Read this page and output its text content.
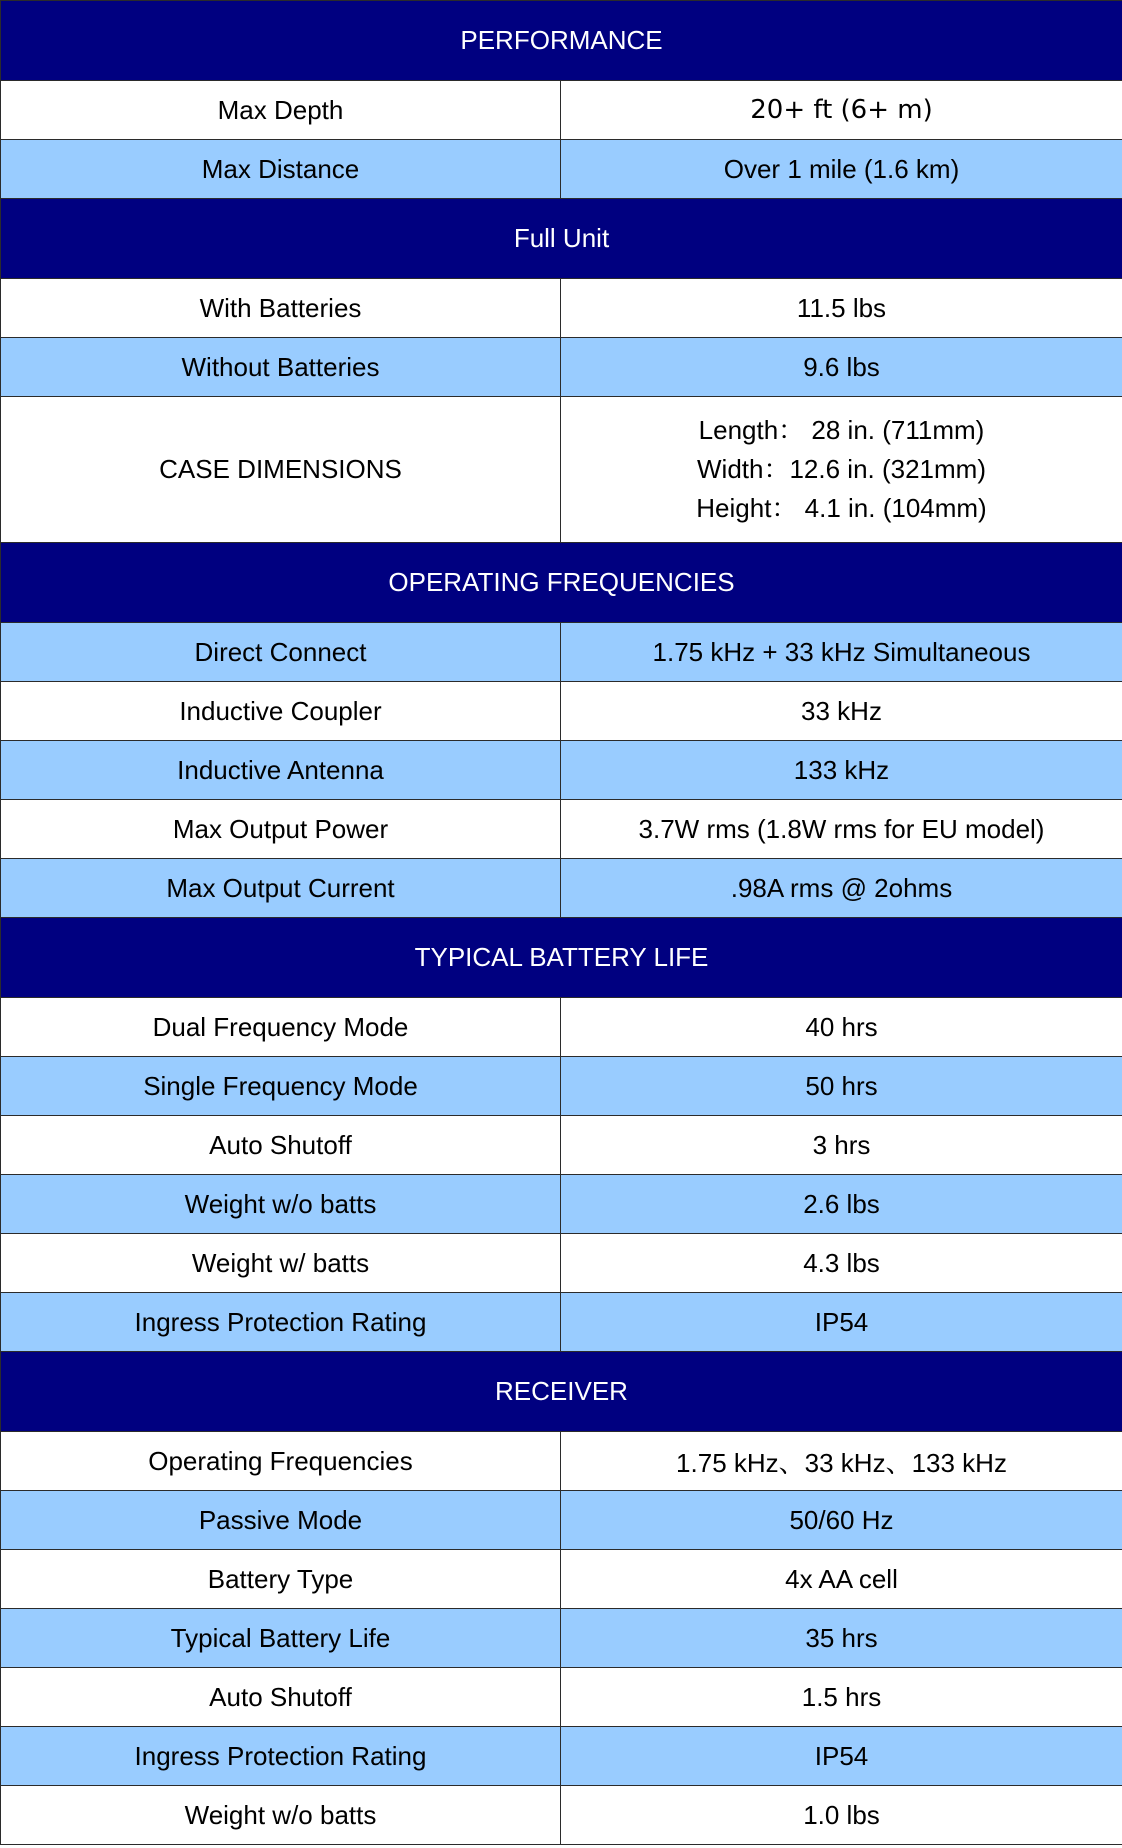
PERFORMANCE	
Max Depth	20+ ft (6+ m)
Max Distance	Over 1 mile (1.6 km)
Full Unit	
With Batteries	11.5 lbs
Without Batteries	9.6 lbs
CASE DIMENSIONS	Length： 28 in. (711mm)
Width：12.6 in. (321mm)
Height： 4.1 in. (104mm)

OPERATING FREQUENCIES	
Direct Connect	1.75 kHz + 33 kHz Simultaneous
Inductive Coupler	33 kHz
Inductive Antenna	133 kHz
Max Output Power	3.7W rms (1.8W rms for EU model)
Max Output Current	.98A rms @ 2ohms
TYPICAL BATTERY LIFE	
Dual Frequency Mode	40 hrs
Single Frequency Mode	50 hrs
Auto Shutoff	3 hrs
Weight w/o batts	2.6 lbs
Weight w/ batts	4.3 lbs
Ingress Protection Rating	IP54
RECEIVER	
Operating Frequencies	1.75 kHz、33 kHz、133 kHz
Passive Mode	50/60 Hz
Battery Type	4x AA cell
Typical Battery Life	35 hrs
Auto Shutoff	1.5 hrs
Ingress Protection Rating	IP54
Weight w/o batts	1.0 lbs
